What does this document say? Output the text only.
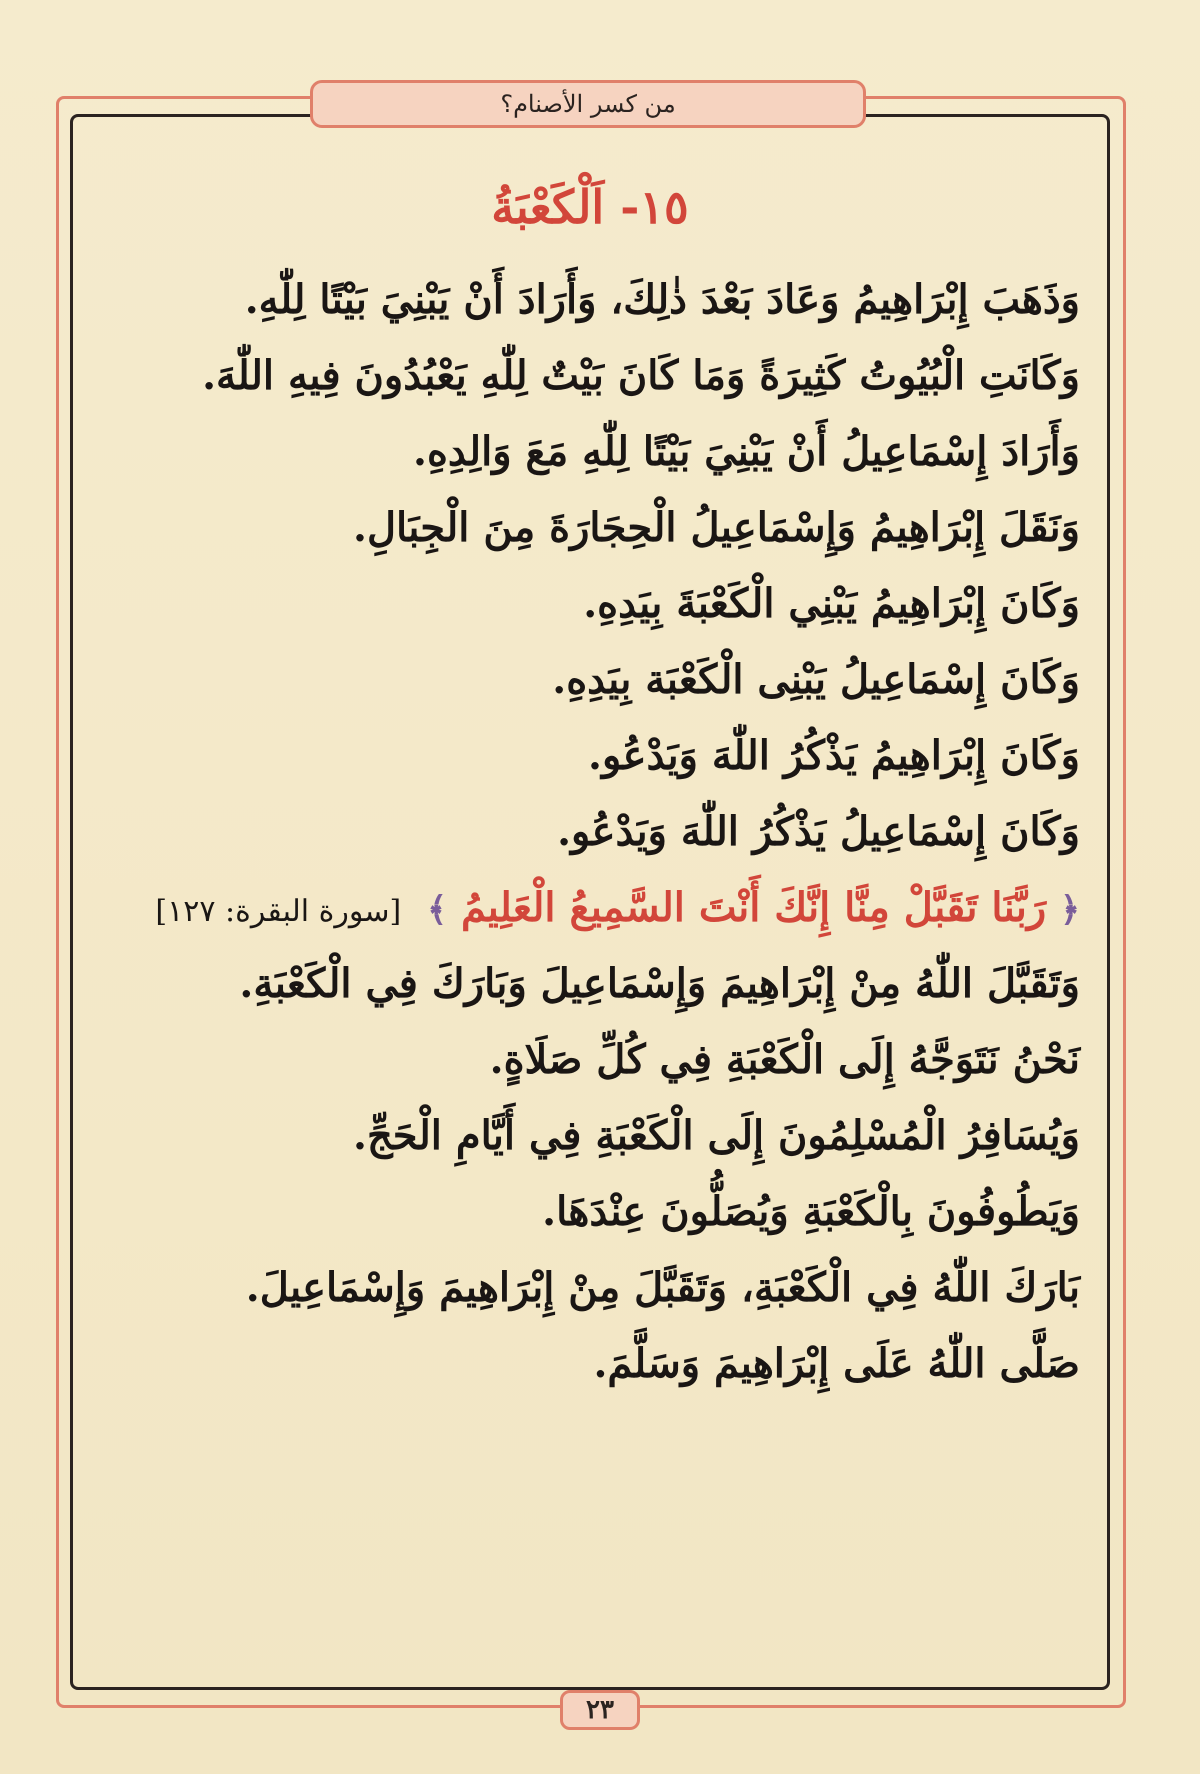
من كسر الأصنام؟
١٥- اَلْكَعْبَةُ

وَذَهَبَ إِبْرَاهِيمُ وَعَادَ بَعْدَ ذٰلِكَ، وَأَرَادَ أَنْ يَبْنِيَ بَيْتًا لِلّٰهِ. وَكَانَتِ الْبُيُوتُ كَثِيرَةً وَمَا كَانَ بَيْتٌ لِلّٰهِ يَعْبُدُونَ فِيهِ اللّٰهَ.

وَأَرَادَ إِسْمَاعِيلُ أَنْ يَبْنِيَ بَيْتًا لِلّٰهِ مَعَ وَالِدِهِ.

وَنَقَلَ إِبْرَاهِيمُ وَإِسْمَاعِيلُ الْحِجَارَةَ مِنَ الْجِبَالِ.

وَكَانَ إِبْرَاهِيمُ يَبْنِي الْكَعْبَةَ بِيَدِهِ.

وَكَانَ إِسْمَاعِيلُ يَبْنِى الْكَعْبَة بِيَدِهِ.

وَكَانَ إِبْرَاهِيمُ يَذْكُرُ اللّٰهَ وَيَدْعُو.

وَكَانَ إِسْمَاعِيلُ يَذْكُرُ اللّٰهَ وَيَدْعُو.

﴿ رَبَّنَا تَقَبَّلْ مِنَّا إِنَّكَ أَنْتَ السَّمِيعُ الْعَلِيمُ ﴾ [سورة البقرة: ١٢٧]

وَتَقَبَّلَ اللّٰهُ مِنْ إِبْرَاهِيمَ وَإِسْمَاعِيلَ وَبَارَكَ فِي الْكَعْبَةِ.

نَحْنُ نَتَوَجَّهُ إِلَى الْكَعْبَةِ فِي كُلِّ صَلَاةٍ.

وَيُسَافِرُ الْمُسْلِمُونَ إِلَى الْكَعْبَةِ فِي أَيَّامِ الْحَجِّ.

وَيَطُوفُونَ بِالْكَعْبَةِ وَيُصَلُّونَ عِنْدَهَا.

بَارَكَ اللّٰهُ فِي الْكَعْبَةِ، وَتَقَبَّلَ مِنْ إِبْرَاهِيمَ وَإِسْمَاعِيلَ.

صَلَّى اللّٰهُ عَلَى إِبْرَاهِيمَ وَسَلَّمَ.

٢٣
